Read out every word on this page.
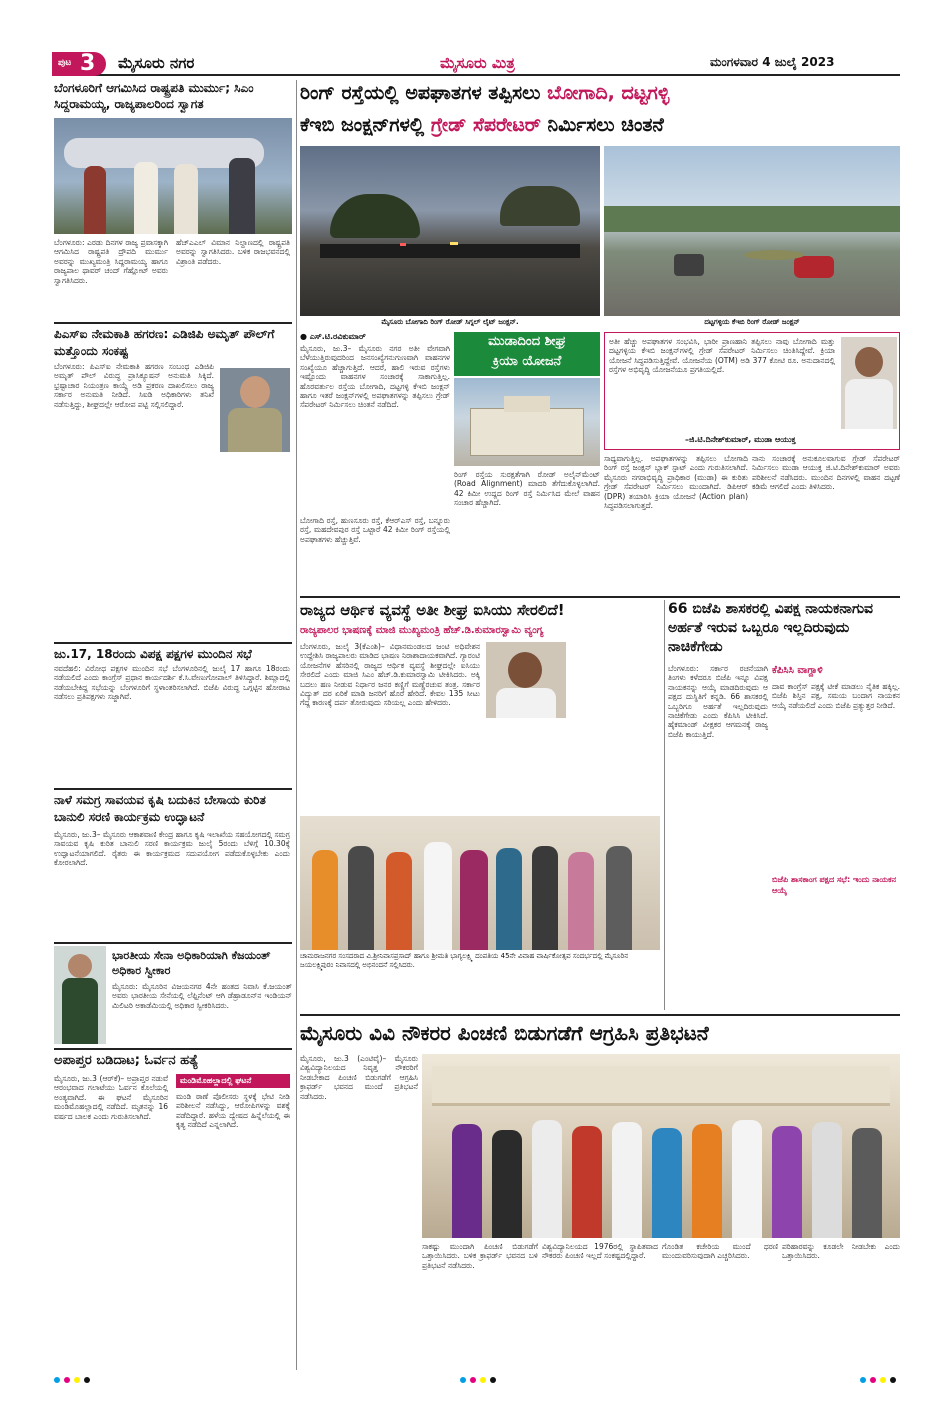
ಪುಟ 3 ಮೈಸೂರು ನಗರ	ಮೈಸೂರು ಮಿತ್ರ	ಮಂಗಳವಾರ 4 ಜುಲೈ 2023
ಬೆಂಗಳೂರಿಗೆ ಆಗಮಿಸಿದ ರಾಷ್ಟ್ರಪತಿ ಮುರ್ಮು; ಸಿಎಂ ಸಿದ್ದರಾಮಯ್ಯ, ರಾಜ್ಯಪಾಲರಿಂದ ಸ್ವಾಗತ
ಬೆಂಗಳೂರು: ಎರಡು ದಿನಗಳ ರಾಜ್ಯ ಪ್ರವಾಸಕ್ಕಾಗಿ ಆಗಮಿಸಿದ ರಾಷ್ಟ್ರಪತಿ ದ್ರೌಪದಿ ಮುರ್ಮು ಅವರನ್ನು ಮುಖ್ಯಮಂತ್ರಿ ಸಿದ್ದರಾಮಯ್ಯ ಹಾಗೂ ರಾಜ್ಯಪಾಲ ಥಾವರ್ ಚಂದ್ ಗೆಹ್ಲೋಟ್ ಅವರು ಸ್ವಾಗತಿಸಿದರು.
ಹೆಚ್‌ಎಎಲ್ ವಿಮಾನ ನಿಲ್ದಾಣದಲ್ಲಿ ರಾಷ್ಟ್ರಪತಿ ಅವರನ್ನು ಸ್ವಾಗತಿಸಿದರು. ಬಳಿಕ ರಾಜಭವನದಲ್ಲಿ ವಿಶ್ರಾಂತಿ ಪಡೆದರು.
ಪಿಎಸ್‌ಐ ನೇಮಕಾತಿ ಹಗರಣ: ಎಡಿಜಿಪಿ ಅಮೃತ್ ಪೌಲ್‌ಗೆ ಮತ್ತೊಂದು ಸಂಕಷ್ಟ
ಬೆಂಗಳೂರು: ಪಿಎಸ್‌ಐ ನೇಮಕಾತಿ ಹಗರಣ ಸಂಬಂಧ ಎಡಿಜಿಪಿ ಅಮೃತ್ ಪೌಲ್ ವಿರುದ್ಧ ಪ್ರಾಸಿಕ್ಯೂಷನ್ ಅನುಮತಿ ಸಿಕ್ಕಿದೆ. ಭ್ರಷ್ಟಾಚಾರ ನಿಯಂತ್ರಣ ಕಾಯ್ದೆ ಅಡಿ ಪ್ರಕರಣ ದಾಖಲಿಸಲು ರಾಜ್ಯ ಸರ್ಕಾರ ಅನುಮತಿ ನೀಡಿದೆ. ಸಿಐಡಿ ಅಧಿಕಾರಿಗಳು ತನಿಖೆ ನಡೆಸುತ್ತಿದ್ದು, ಶೀಘ್ರದಲ್ಲೇ ಆರೋಪ ಪಟ್ಟಿ ಸಲ್ಲಿಸಲಿದ್ದಾರೆ.
ಜು.17, 18ರಂದು ವಿಪಕ್ಷ ಪಕ್ಷಗಳ ಮುಂದಿನ ಸಭೆ
ನವದೆಹಲಿ: ವಿರೋಧ ಪಕ್ಷಗಳ ಮುಂದಿನ ಸಭೆ ಬೆಂಗಳೂರಿನಲ್ಲಿ ಜುಲೈ 17 ಹಾಗೂ 18ರಂದು ನಡೆಯಲಿದೆ ಎಂದು ಕಾಂಗ್ರೆಸ್ ಪ್ರಧಾನ ಕಾರ್ಯದರ್ಶಿ ಕೆ.ಸಿ.ವೇಣುಗೋಪಾಲ್ ತಿಳಿಸಿದ್ದಾರೆ. ಶಿಮ್ಲಾದಲ್ಲಿ ನಡೆಯಬೇಕಿದ್ದ ಸಭೆಯನ್ನು ಬೆಂಗಳೂರಿಗೆ ಸ್ಥಳಾಂತರಿಸಲಾಗಿದೆ. ಬಿಜೆಪಿ ವಿರುದ್ಧ ಒಗ್ಗಟ್ಟಿನ ಹೋರಾಟ ನಡೆಸಲು ಪ್ರತಿಪಕ್ಷಗಳು ಸಜ್ಜಾಗಿವೆ.
ನಾಳೆ ಸಮಗ್ರ ಸಾವಯವ ಕೃಷಿ ಬದುಕಿನ ಬೇಸಾಯ ಕುರಿತ ಬಾನುಲಿ ಸರಣಿ ಕಾರ್ಯಕ್ರಮ ಉದ್ಘಾಟನೆ
ಮೈಸೂರು, ಜು.3– ಮೈಸೂರು ಆಕಾಶವಾಣಿ ಕೇಂದ್ರ ಹಾಗೂ ಕೃಷಿ ಇಲಾಖೆಯ ಸಹಯೋಗದಲ್ಲಿ ಸಮಗ್ರ ಸಾವಯವ ಕೃಷಿ ಕುರಿತ ಬಾನುಲಿ ಸರಣಿ ಕಾರ್ಯಕ್ರಮ ಜುಲೈ 5ರಂದು ಬೆಳಿಗ್ಗೆ 10.30ಕ್ಕೆ ಉದ್ಘಾಟನೆಯಾಗಲಿದೆ. ರೈತರು ಈ ಕಾರ್ಯಕ್ರಮದ ಸದುಪಯೋಗ ಪಡೆದುಕೊಳ್ಳಬೇಕು ಎಂದು ಕೋರಲಾಗಿದೆ.
ಭಾರತೀಯ ಸೇನಾ ಅಧಿಕಾರಿಯಾಗಿ ಕೆಜಯಂತ್ ಅಧಿಕಾರ ಸ್ವೀಕಾರ
ಮೈಸೂರು: ಮೈಸೂರಿನ ವಿಜಯನಗರ 4ನೇ ಹಂತದ ನಿವಾಸಿ ಕೆ.ಜಯಂತ್ ಅವರು ಭಾರತೀಯ ಸೇನೆಯಲ್ಲಿ ಲೆಫ್ಟಿನೆಂಟ್ ಆಗಿ ಡೆಹ್ರಾಡೂನ್‌ನ ಇಂಡಿಯನ್ ಮಿಲಿಟರಿ ಅಕಾಡೆಮಿಯಲ್ಲಿ ಅಧಿಕಾರ ಸ್ವೀಕರಿಸಿದರು.
ಅಪಾಪ್ತರ ಬಡಿದಾಟ; ಓರ್ವನ ಹತ್ಯೆ
ಮೈಸೂರು, ಜು.3 (ಆರ್‌ಕೆ)– ಅಪ್ರಾಪ್ತರ ನಡುವೆ ಆರಂಭವಾದ ಗಲಾಟೆಯು ಓರ್ವನ ಕೊಲೆಯಲ್ಲಿ ಅಂತ್ಯವಾಗಿದೆ. ಈ ಘಟನೆ ಮೈಸೂರಿನ ಮಂಡಿಮೊಹಲ್ಲಾದಲ್ಲಿ ನಡೆದಿದೆ. ಮೃತನನ್ನು 16 ವರ್ಷದ ಬಾಲಕ ಎಂದು ಗುರುತಿಸಲಾಗಿದೆ.
ಮಂಡಿಮೊಹಲ್ಲಾದಲ್ಲಿ ಘಟನೆ
ಮಂಡಿ ಠಾಣೆ ಪೊಲೀಸರು ಸ್ಥಳಕ್ಕೆ ಭೇಟಿ ನೀಡಿ ಪರಿಶೀಲನೆ ನಡೆಸಿದ್ದು, ಆರೋಪಿಗಳನ್ನು ವಶಕ್ಕೆ ಪಡೆದಿದ್ದಾರೆ. ಹಳೆಯ ದ್ವೇಷದ ಹಿನ್ನೆಲೆಯಲ್ಲಿ ಈ ಕೃತ್ಯ ನಡೆದಿದೆ ಎನ್ನಲಾಗಿದೆ.
ರಿಂಗ್ ರಸ್ತೆಯಲ್ಲಿ ಅಪಘಾತಗಳ ತಪ್ಪಿಸಲು ಬೋಗಾದಿ, ದಟ್ಟಗಳ್ಳಿ
ಕೆಇಬಿ ಜಂಕ್ಷನ್‌ಗಳಲ್ಲಿ ಗ್ರೇಡ್ ಸೆಪರೇಟರ್ ನಿರ್ಮಿಸಲು ಚಿಂತನೆ
ಮೈಸೂರು ಬೋಗಾದಿ ರಿಂಗ್ ರೋಡ್ ಸಿಗ್ನಲ್ ಲೈಟ್ ಜಂಕ್ಷನ್.	ದಟ್ಟಗಳ್ಳಿಯ ಕೆಇಬಿ ರಿಂಗ್ ರೋಡ್ ಜಂಕ್ಷನ್
● ಎಸ್.ಟಿ.ರವಿಕುಮಾರ್
ಮೈಸೂರು, ಜು.3– ಮೈಸೂರು ನಗರ ಅತೀ ವೇಗವಾಗಿ ಬೆಳೆಯುತ್ತಿರುವುದರಿಂದ ಜನಸಂಖ್ಯೆಗನುಗುಣವಾಗಿ ವಾಹನಗಳ ಸಂಖ್ಯೆಯೂ ಹೆಚ್ಚಾಗುತ್ತಿದೆ. ಆದರೆ, ಹಾಲಿ ಇರುವ ರಸ್ತೆಗಳು ಇಷ್ಟೊಂದು ವಾಹನಗಳ ಸಂಚಾರಕ್ಕೆ ಸಾಕಾಗುತ್ತಿಲ್ಲ. ಹೊರವರ್ತುಲ ರಸ್ತೆಯ ಬೋಗಾದಿ, ದಟ್ಟಗಳ್ಳಿ ಕೆಇಬಿ ಜಂಕ್ಷನ್ ಹಾಗೂ ಇತರೆ ಜಂಕ್ಷನ್‌ಗಳಲ್ಲಿ ಅಪಘಾತಗಳನ್ನು ತಪ್ಪಿಸಲು ಗ್ರೇಡ್ ಸೆಪರೇಟರ್ ನಿರ್ಮಿಸಲು ಚಿಂತನೆ ನಡೆದಿದೆ.
ಬೋಗಾದಿ ರಸ್ತೆ, ಹುಣಸೂರು ರಸ್ತೆ, ಕೆಆರ್‌ಎಸ್ ರಸ್ತೆ, ಬನ್ನೂರು ರಸ್ತೆ, ಮಹದೇವಪುರ ರಸ್ತೆ ಒಟ್ಟಾರೆ 42 ಕಿಮೀ ರಿಂಗ್ ರಸ್ತೆಯಲ್ಲಿ ಅಪಘಾತಗಳು ಹೆಚ್ಚುತ್ತಿವೆ.
ರಿಂಗ್ ರಸ್ತೆಯ ಸುರಕ್ಷತೆಗಾಗಿ ರೋಡ್ ಅಲೈನ್‌ಮೆಂಟ್ (Road Alignment) ಮಾದರಿ ತೆಗೆದುಕೊಳ್ಳಲಾಗಿದೆ. 42 ಕಿಮೀ ಉದ್ದದ ರಿಂಗ್ ರಸ್ತೆ ನಿರ್ಮಿಸಿದ ಮೇಲೆ ವಾಹನ ಸಂಚಾರ ಹೆಚ್ಚಾಗಿದೆ.
ಮುಡಾದಿಂದ ಶೀಘ್ರ
ಕ್ರಿಯಾ ಯೋಜನೆ
ಅತೀ ಹೆಚ್ಚು ಅಪಘಾತಗಳ ಸಂಭವಿಸಿ, ಭಾರೀ ಪ್ರಾಣಹಾನಿ ತಪ್ಪಿಸಲು ನಾವು ಬೋಗಾದಿ ಮತ್ತು ದಟ್ಟಗಳ್ಳಿಯ ಕೆಇಬಿ ಜಂಕ್ಷನ್‌ಗಳಲ್ಲಿ ಗ್ರೇಡ್ ಸೆಪರೇಟರ್ ನಿರ್ಮಿಸಲು ಚಿಂತಿಸಿದ್ದೇವೆ. ಕ್ರಿಯಾ ಯೋಜನೆ ಸಿದ್ಧಪಡಿಸುತ್ತಿದ್ದೇವೆ. ಯೋಜನೆಯ (OTM) ಅಡಿ 377 ಕೋಟಿ ರೂ. ಅನುದಾನದಲ್ಲಿ ರಸ್ತೆಗಳ ಅಭಿವೃದ್ಧಿ ಯೋಜನೆಯೂ ಪ್ರಗತಿಯಲ್ಲಿದೆ.
–ಜಿ.ಟಿ.ದಿನೇಶ್‌ಕುಮಾರ್, ಮುಡಾ ಆಯುಕ್ತ
ಸಾಧ್ಯವಾಗುತ್ತಿಲ್ಲ. ಅಪಘಾತಗಳನ್ನು ತಪ್ಪಿಸಲು ಬೋಗಾದಿ ರಿಂಗ್ ರಸ್ತೆ ಜಂಕ್ಷನ್ ಬ್ಲಾಕ್ ಸ್ಪಾಟ್ ಎಂದು ಗುರುತಿಸಲಾಗಿದೆ. ಮೈಸೂರು ನಗರಾಭಿವೃದ್ಧಿ ಪ್ರಾಧಿಕಾರ (ಮುಡಾ) ಈ ಕುರಿತು ಗ್ರೇಡ್ ಸೆಪರೇಟರ್ ನಿರ್ಮಿಸಲು ಮುಂದಾಗಿದೆ. ಡಿಪಿಆರ್ (DPR) ತಯಾರಿಸಿ ಕ್ರಿಯಾ ಯೋಜನೆ (Action plan) ಸಿದ್ಧಪಡಿಸಲಾಗುತ್ತದೆ.
ನಾನು ಸಂಚಾರಕ್ಕೆ ಅನುಕೂಲವಾಗುವ ಗ್ರೇಡ್ ಸೆಪರೇಟರ್ ನಿರ್ಮಿಸಲು ಮುಡಾ ಆಯುಕ್ತ ಜಿ.ಟಿ.ದಿನೇಶ್‌ಕುಮಾರ್ ಅವರು ಪರಿಶೀಲನೆ ನಡೆಸಿದರು. ಮುಂದಿನ ದಿನಗಳಲ್ಲಿ ವಾಹನ ದಟ್ಟಣೆ ಕಡಿಮೆ ಆಗಲಿದೆ ಎಂದು ತಿಳಿಸಿದರು.
ರಾಜ್ಯದ ಆರ್ಥಿಕ ವ್ಯವಸ್ಥೆ ಅತೀ ಶೀಘ್ರ ಐಸಿಯು ಸೇರಲಿದೆ!
ರಾಜ್ಯಪಾಲರ ಭಾಷಣಕ್ಕೆ ಮಾಜಿ ಮುಖ್ಯಮಂತ್ರಿ ಹೆಚ್.ಡಿ.ಕುಮಾರಸ್ವಾಮಿ ವ್ಯಂಗ್ಯ
ಬೆಂಗಳೂರು, ಜುಲೈ 3(ಕೆಎಂಶಿ)– ವಿಧಾನಮಂಡಲದ ಜಂಟಿ ಅಧಿವೇಶನ ಉದ್ದೇಶಿಸಿ ರಾಜ್ಯಪಾಲರು ಮಾಡಿದ ಭಾಷಣ ನಿರಾಶಾದಾಯಕವಾಗಿದೆ. ಗ್ಯಾರಂಟಿ ಯೋಜನೆಗಳ ಹೆಸರಿನಲ್ಲಿ ರಾಜ್ಯದ ಆರ್ಥಿಕ ವ್ಯವಸ್ಥೆ ಶೀಘ್ರದಲ್ಲೇ ಐಸಿಯು ಸೇರಲಿದೆ ಎಂದು ಮಾಜಿ ಸಿಎಂ ಹೆಚ್.ಡಿ.ಕುಮಾರಸ್ವಾಮಿ ಟೀಕಿಸಿದರು. ಅಕ್ಕಿ ಬದಲು ಹಣ ನೀಡುವ ನಿರ್ಧಾರ ಜನರ ಕಣ್ಣಿಗೆ ಮಣ್ಣೆರಚುವ ತಂತ್ರ. ಸರ್ಕಾರ ವಿದ್ಯುತ್ ದರ ಏರಿಕೆ ಮಾಡಿ ಜನರಿಗೆ ಹೊರೆ ಹೇರಿದೆ. ಕೇವಲ 135 ಸೀಟು ಗೆದ್ದ ಕಾರಣಕ್ಕೆ ದರ್ಪ ತೋರುವುದು ಸರಿಯಲ್ಲ ಎಂದು ಹೇಳಿದರು.
ಚಾಮರಾಜನಗರ ಸಂಸದರಾದ ವಿ.ಶ್ರೀನಿವಾಸಪ್ರಸಾದ್ ಹಾಗೂ ಶ್ರೀಮತಿ ಭಾಗ್ಯಲಕ್ಷ್ಮಿ ದಂಪತಿಯ 45ನೇ ವಿವಾಹ ವಾರ್ಷಿಕೋತ್ಸವ ಸಂದರ್ಭದಲ್ಲಿ ಮೈಸೂರಿನ ಜಯಲಕ್ಷ್ಮಿಪುರಂ ನಿವಾಸದಲ್ಲಿ ಅಭಿನಂದನೆ ಸಲ್ಲಿಸಿದರು.
66 ಬಿಜೆಪಿ ಶಾಸಕರಲ್ಲಿ ವಿಪಕ್ಷ ನಾಯಕನಾಗುವ ಅರ್ಹತೆ ಇರುವ ಒಬ್ಬರೂ ಇಲ್ಲದಿರುವುದು ನಾಚಿಕೆಗೇಡು
ಬೆಂಗಳೂರು: ಸರ್ಕಾರ ರಚನೆಯಾಗಿ ತಿಂಗಳು ಕಳೆದರೂ ಬಿಜೆಪಿ ಇನ್ನೂ ವಿಪಕ್ಷ ನಾಯಕನನ್ನು ಆಯ್ಕೆ ಮಾಡದಿರುವುದು ಆ ಪಕ್ಷದ ದುಸ್ಥಿತಿಗೆ ಕನ್ನಡಿ. 66 ಶಾಸಕರಲ್ಲಿ ಒಬ್ಬರಿಗೂ ಅರ್ಹತೆ ಇಲ್ಲದಿರುವುದು ನಾಚಿಕೆಗೇಡು ಎಂದು ಕೆಪಿಸಿಸಿ ಟೀಕಿಸಿದೆ. ಹೈಕಮಾಂಡ್ ವೀಕ್ಷಕರ ಆಗಮನಕ್ಕೆ ರಾಜ್ಯ ಬಿಜೆಪಿ ಕಾಯುತ್ತಿದೆ.
ಕೆಪಿಸಿಸಿ ವಾಗ್ದಾಳಿ
ದಾವ ಕಾಂಗ್ರೆಸ್ ಪಕ್ಷಕ್ಕೆ ಟೀಕೆ ಮಾಡಲು ನೈತಿಕ ಹಕ್ಕಿಲ್ಲ. ಬಿಜೆಪಿ ಶಿಸ್ತಿನ ಪಕ್ಷ, ಸಮಯ ಬಂದಾಗ ನಾಯಕನ ಆಯ್ಕೆ ನಡೆಯಲಿದೆ ಎಂದು ಬಿಜೆಪಿ ಪ್ರತ್ಯುತ್ತರ ನೀಡಿದೆ.
ಬಿಜೆಪಿ ಶಾಸಕಾಂಗ ಪಕ್ಷದ ಸಭೆ: ಇಂದು ನಾಯಕನ ಆಯ್ಕೆ
ಮೈಸೂರು ವಿವಿ ನೌಕರರ ಪಿಂಚಣಿ ಬಿಡುಗಡೆಗೆ ಆಗ್ರಹಿಸಿ ಪ್ರತಿಭಟನೆ
ಮೈಸೂರು, ಜು.3 (ಎಂಟಿವೈ)– ಮೈಸೂರು ವಿಶ್ವವಿದ್ಯಾನಿಲಯದ ನಿವೃತ್ತ ನೌಕರರಿಗೆ ನೀಡಬೇಕಾದ ಪಿಂಚಣಿ ಬಿಡುಗಡೆಗೆ ಆಗ್ರಹಿಸಿ ಕ್ರಾಫರ್ಡ್ ಭವನದ ಮುಂದೆ ಪ್ರತಿಭಟನೆ ನಡೆಸಿದರು.
ಸಾಕಷ್ಟು ಮುಂದಾಗಿ ಪಿಂಚಣಿ ಬಿಡುಗಡೆಗೆ ಒತ್ತಾಯಿಸಿದರು. ಬಳಿಕ ಕ್ರಾಫರ್ಡ್ ಭವನದ ಬಳಿ ಪ್ರತಿಭಟನೆ ನಡೆಸಿದರು.
ವಿಶ್ವವಿದ್ಯಾನಿಲಯದ 1976ರಲ್ಲಿ ಸ್ಥಾಪಿತವಾದ ನೌಕರರು ಪಿಂಚಣಿ ಇಲ್ಲದೆ ಸಂಕಷ್ಟದಲ್ಲಿದ್ದಾರೆ.
ಗೊಂಡಿತ ಕಚೇರಿಯ ಮುಂದೆ ಧರಣಿ ಮುಂದುವರಿಸುವುದಾಗಿ ಎಚ್ಚರಿಸಿದರು.
ಪರಿಹಾರವನ್ನು ಕೂಡಲೇ ನೀಡಬೇಕು ಎಂದು ಒತ್ತಾಯಿಸಿದರು.
